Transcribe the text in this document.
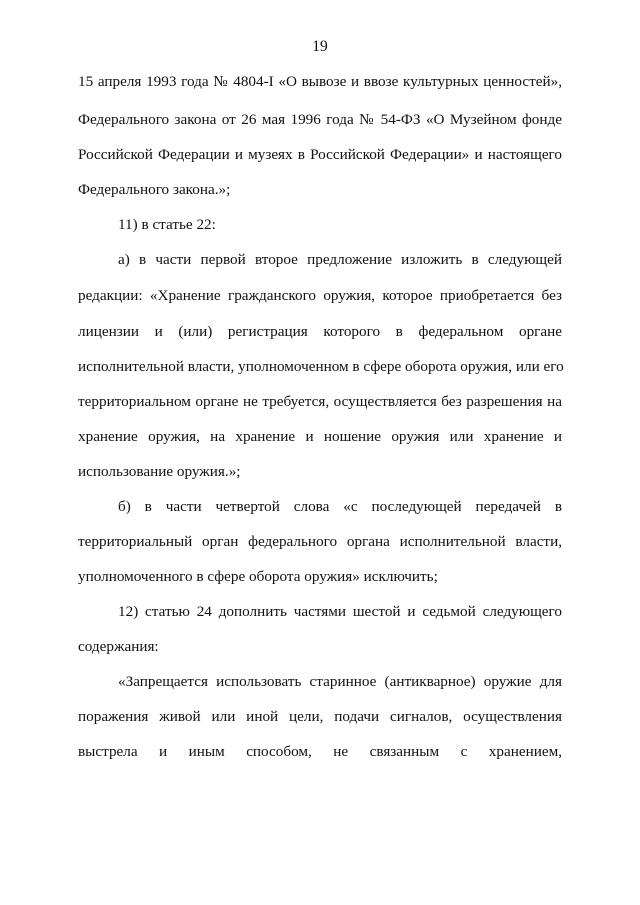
19
15 апреля 1993 года № 4804-I «О вывозе и ввозе культурных ценностей»,
Федерального закона от 26 мая 1996 года № 54-ФЗ «О Музейном фонде
Российской Федерации и музеях в Российской Федерации» и настоящего
Федерального закона.»;
11) в статье 22:
а) в части первой второе предложение изложить в следующей
редакции: «Хранение гражданского оружия, которое приобретается без
лицензии и (или) регистрация которого в федеральном органе
исполнительной власти, уполномоченном в сфере оборота оружия, или его
территориальном органе не требуется, осуществляется без разрешения на
хранение оружия, на хранение и ношение оружия или хранение и
использование оружия.»;
б) в части четвертой слова «с последующей передачей в
территориальный орган федерального органа исполнительной власти,
уполномоченного в сфере оборота оружия» исключить;
12) статью 24 дополнить частями шестой и седьмой следующего
содержания:
«Запрещается использовать старинное (антикварное) оружие для
поражения живой или иной цели, подачи сигналов, осуществления
выстрела и иным способом, не связанным с хранением,
